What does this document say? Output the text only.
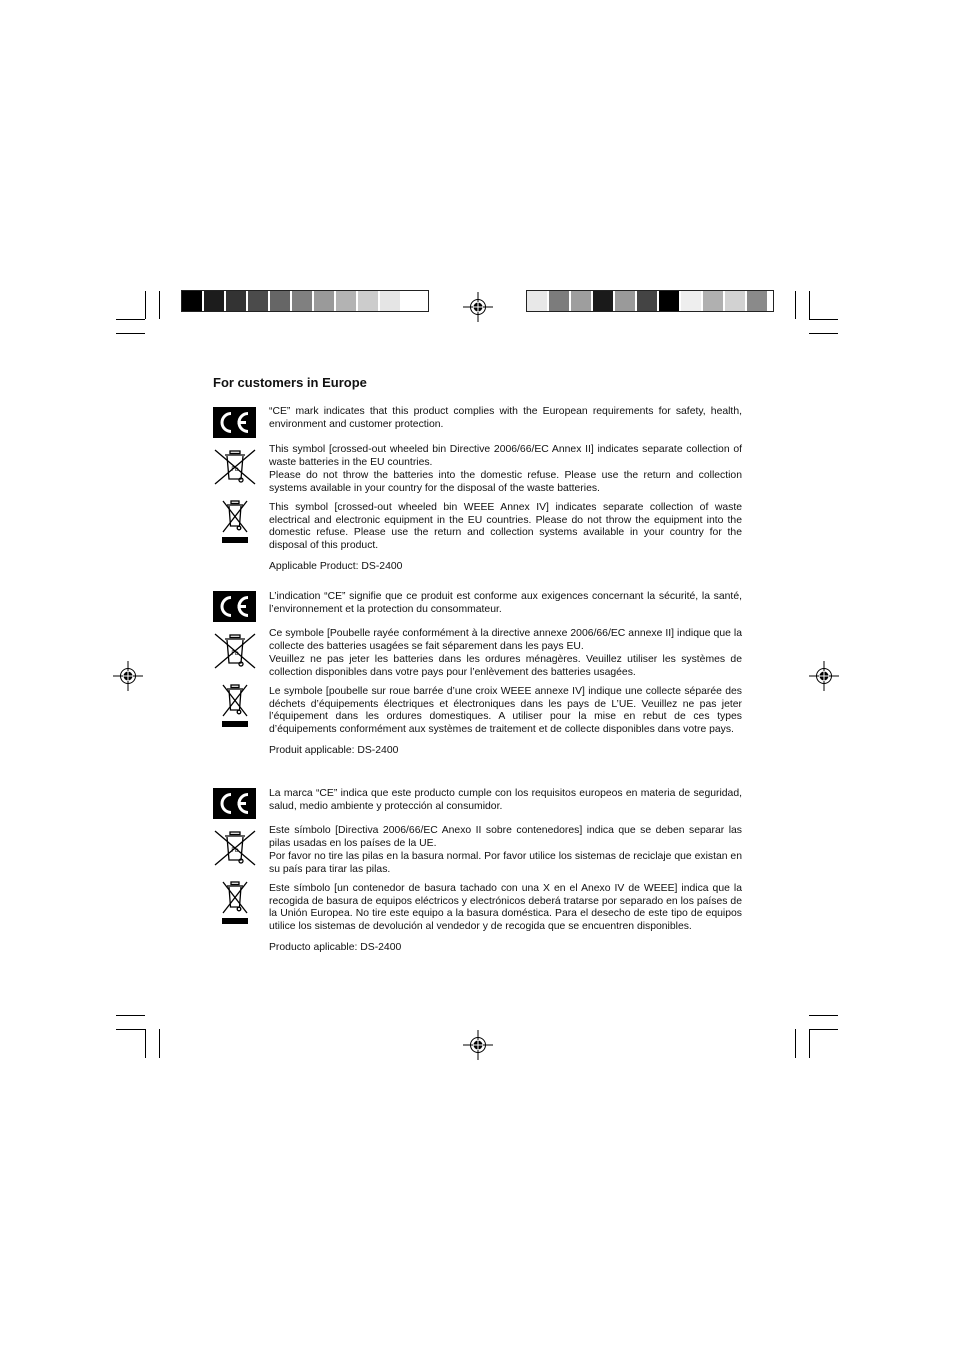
For customers in Europe
“CE” mark indicates that this product complies with the European requirements for safety, health, environment and customer protection.

This symbol [crossed-out wheeled bin Directive 2006/66/EC Annex II] indicates separate collection of waste batteries in the EU countries.

Please do not throw the batteries into the domestic refuse. Please use the return and collection systems available in your country for the disposal of the waste batteries.

This symbol [crossed-out wheeled bin WEEE Annex IV] indicates separate collection of waste electrical and electronic equipment in the EU countries. Please do not throw the equipment into the domestic refuse. Please use the return and collection systems available in your country for the disposal of this product.

Applicable Product: DS-2400

L’indication “CE” signifie que ce produit est conforme aux exigences concernant la sécurité, la santé, l’environnement et la protection du consommateur.

Ce symbole [Poubelle rayée conformément à la directive annexe 2006/66/EC annexe II] indique que la collecte des batteries usagées se fait séparement dans les pays EU.

Veuillez ne pas jeter les batteries dans les ordures ménagères. Veuillez utiliser les systèmes de collection disponibles dans votre pays pour l’enlèvement des batteries usagées.

Le symbole [poubelle sur roue barrée d’une croix WEEE annexe IV] indique une collecte séparée des déchets d’équipements électriques et électroniques dans les pays de L’UE. Veuillez ne pas jeter l’équipement dans les ordures domestiques. A utiliser pour la mise en rebut de ces types d’équipements conformément aux systèmes de traitement et de collecte disponibles dans votre pays.

Produit applicable: DS-2400

La marca “CE” indica que este producto cumple con los requisitos europeos en materia de seguridad, salud, medio ambiente y protección al consumidor.

Este símbolo [Directiva 2006/66/EC Anexo II sobre contenedores] indica que se deben separar las pilas usadas en los países de la UE.

Por favor no tire las pilas en la basura normal. Por favor utilice los sistemas de reciclaje que existan en su país para tirar las pilas.

Este símbolo [un contenedor de basura tachado con una X en el Anexo IV de WEEE] indica que la recogida de basura de equipos eléctricos y electrónicos deberá tratarse por separado en los países de la Unión Europea. No tire este equipo a la basura doméstica. Para el desecho de este tipo de equipos utilice los sistemas de devolución al vendedor y de recogida que se encuentren disponibles.

Producto aplicable: DS-2400
